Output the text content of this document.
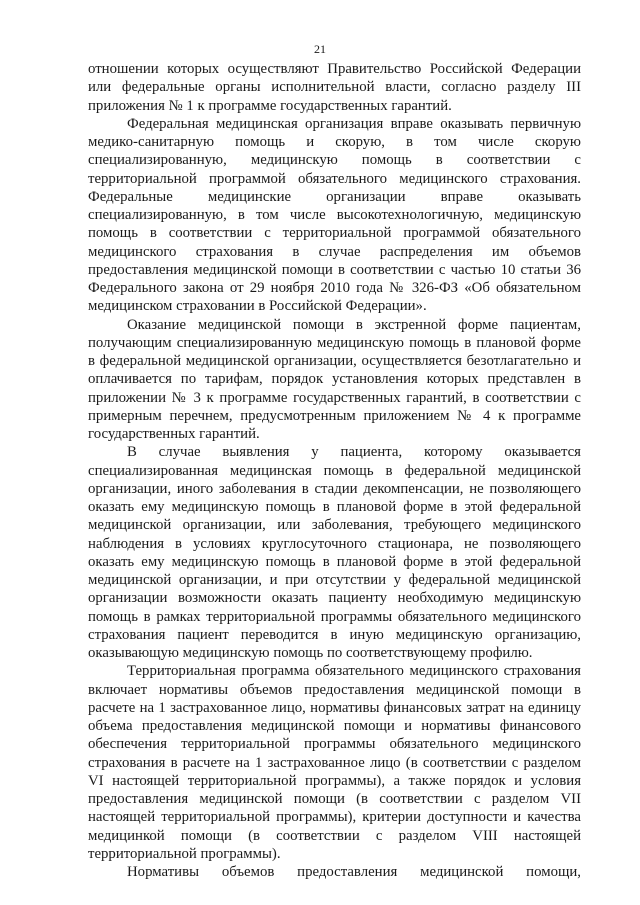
21

отношении которых осуществляют Правительство Российской Федерации или федеральные органы исполнительной власти, согласно разделу III приложения № 1 к программе государственных гарантий.

Федеральная медицинская организация вправе оказывать первичную медико-санитарную помощь и скорую, в том числе скорую специализированную, медицинскую помощь в соответствии с территориальной программой обязательного медицинского страхования. Федеральные медицинские организации вправе оказывать специализированную, в том числе высокотехнологичную, медицинскую помощь в соответствии с территориальной программой обязательного медицинского страхования в случае распределения им объемов предоставления медицинской помощи в соответствии с частью 10 статьи 36 Федерального закона от 29 ноября 2010 года № 326-ФЗ «Об обязательном медицинском страховании в Российской Федерации».

Оказание медицинской помощи в экстренной форме пациентам, получающим специализированную медицинскую помощь в плановой форме в федеральной медицинской организации, осуществляется безотлагательно и оплачивается по тарифам, порядок установления которых представлен в приложении № 3 к программе государственных гарантий, в соответствии с примерным перечнем, предусмотренным приложением № 4 к программе государственных гарантий.

В случае выявления у пациента, которому оказывается специализированная медицинская помощь в федеральной медицинской организации, иного заболевания в стадии декомпенсации, не позволяющего оказать ему медицинскую помощь в плановой форме в этой федеральной медицинской организации, или заболевания, требующего медицинского наблюдения в условиях круглосуточного стационара, не позволяющего оказать ему медицинскую помощь в плановой форме в этой федеральной медицинской организации, и при отсутствии у федеральной медицинской организации возможности оказать пациенту необходимую медицинскую помощь в рамках территориальной программы обязательного медицинского страхования пациент переводится в иную медицинскую организацию, оказывающую медицинскую помощь по соответствующему профилю.

Территориальная программа обязательного медицинского страхования включает нормативы объемов предоставления медицинской помощи в расчете на 1 застрахованное лицо, нормативы финансовых затрат на единицу объема предоставления медицинской помощи и нормативы финансового обеспечения территориальной программы обязательного медицинского страхования в расчете на 1 застрахованное лицо (в соответствии с разделом VI настоящей территориальной программы), а также порядок и условия предоставления медицинской помощи (в соответствии с разделом VII настоящей территориальной программы), критерии доступности и качества медицинкой помощи (в соответствии с разделом VIII настоящей территориальной программы).

Нормативы объемов предоставления медицинской помощи,
